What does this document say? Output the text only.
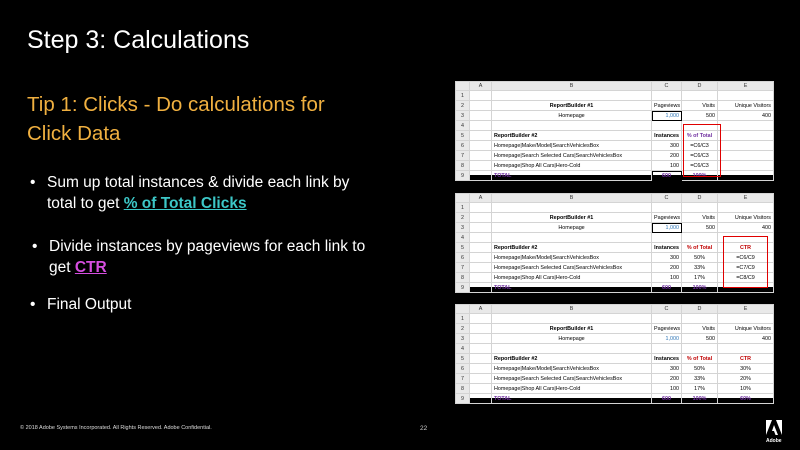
Step 3: Calculations
Tip 1: Clicks - Do calculations for Click Data
• Sum up total instances & divide each link by total to get % of Total Clicks
• Divide instances by pageviews for each link to get CTR
• Final Output
	A	B	C	D	E
1					
2		ReportBuilder #1	Pageviews	Visits	Unique Visitors
3		Homepage	1,000	500	400
4					
5		ReportBuilder #2	Instances	% of Total	
6		Homepage|Make/Model|SearchVehiclesBox	300	=C6/C3	
7		Homepage|Search Selected Cars|SearchVehiclesBox	200	=C6/C3	
8		Homepage|Shop All Cars|Hero-Cold	100	=C6/C3	
9		TOTAL	600	100%	
	A	B	C	D	E
1					
2		ReportBuilder #1	Pageviews	Visits	Unique Visitors
3		Homepage	1,000	500	400
4					
5		ReportBuilder #2	Instances	% of Total	CTR
6		Homepage|Make/Model|SearchVehiclesBox	300	50%	=C6/C9
7		Homepage|Search Selected Cars|SearchVehiclesBox	200	33%	=C7/C9
8		Homepage|Shop All Cars|Hero-Cold	100	17%	=C8/C9
9		TOTAL	600	100%	
	A	B	C	D	E
1					
2		ReportBuilder #1	Pageviews	Visits	Unique Visitors
3		Homepage	1,000	500	400
4					
5		ReportBuilder #2	Instances	% of Total	CTR
6		Homepage|Make/Model|SearchVehiclesBox	300	50%	30%
7		Homepage|Search Selected Cars|SearchVehiclesBox	200	33%	20%
8		Homepage|Shop All Cars|Hero-Cold	100	17%	10%
9		TOTAL	600	100%	60%
© 2018 Adobe Systems Incorporated. All Rights Reserved. Adobe Confidential.	22
Adobe
